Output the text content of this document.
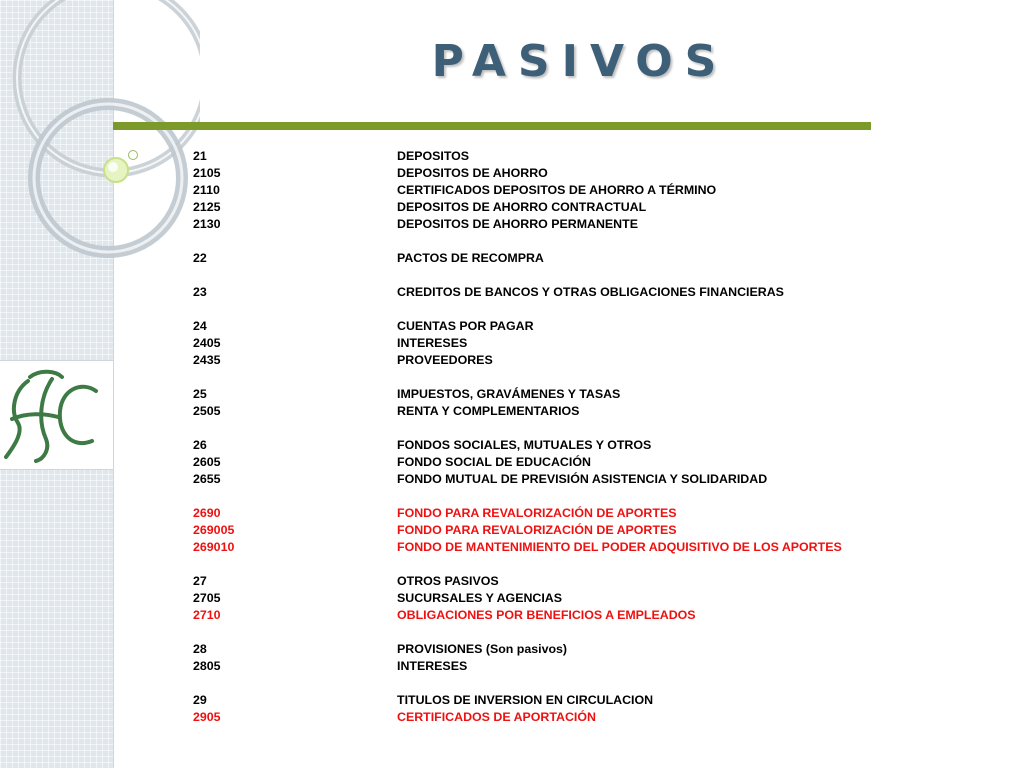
PASIVOS
21	DEPOSITOS
2105	DEPOSITOS DE AHORRO
2110	CERTIFICADOS DEPOSITOS DE AHORRO A TÉRMINO
2125	DEPOSITOS DE AHORRO CONTRACTUAL
2130	DEPOSITOS DE AHORRO PERMANENTE
22	PACTOS DE RECOMPRA
23	CREDITOS DE BANCOS Y OTRAS OBLIGACIONES FINANCIERAS
24	CUENTAS POR PAGAR
2405	INTERESES
2435	PROVEEDORES
25	IMPUESTOS, GRAVÁMENES Y TASAS
2505	RENTA Y COMPLEMENTARIOS
26	FONDOS SOCIALES, MUTUALES Y OTROS
2605	FONDO SOCIAL DE EDUCACIÓN
2655	FONDO MUTUAL DE PREVISIÓN ASISTENCIA Y SOLIDARIDAD
2690	FONDO PARA REVALORIZACIÓN DE APORTES
269005	FONDO PARA REVALORIZACIÓN DE APORTES
269010	FONDO DE MANTENIMIENTO DEL PODER ADQUISITIVO DE LOS APORTES
27	OTROS PASIVOS
2705	SUCURSALES Y AGENCIAS
2710	OBLIGACIONES POR BENEFICIOS A EMPLEADOS
28	PROVISIONES (Son pasivos)
2805	INTERESES
29	TITULOS DE INVERSION EN CIRCULACION
2905	CERTIFICADOS DE APORTACIÓN
